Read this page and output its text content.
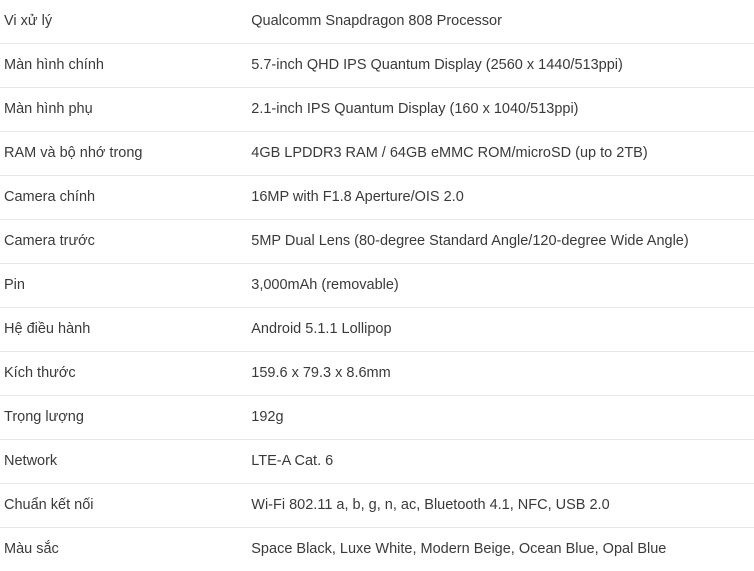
Vi xử lý	Qualcomm Snapdragon 808 Processor
Màn hình chính	5.7-inch QHD IPS Quantum Display (2560 x 1440/513ppi)
Màn hình phụ	2.1-inch IPS Quantum Display (160 x 1040/513ppi)
RAM và bộ nhớ trong	4GB LPDDR3 RAM / 64GB eMMC ROM/microSD (up to 2TB)
Camera chính	16MP with F1.8 Aperture/OIS 2.0
Camera trước	5MP Dual Lens (80-degree Standard Angle/120-degree Wide Angle)
Pin	3,000mAh (removable)
Hệ điều hành	Android 5.1.1 Lollipop
Kích thước	159.6 x 79.3 x 8.6mm
Trọng lượng	192g
Network	LTE-A Cat. 6
Chuẩn kết nối	Wi-Fi 802.11 a, b, g, n, ac, Bluetooth 4.1, NFC, USB 2.0
Màu sắc	Space Black, Luxe White, Modern Beige, Ocean Blue, Opal Blue
